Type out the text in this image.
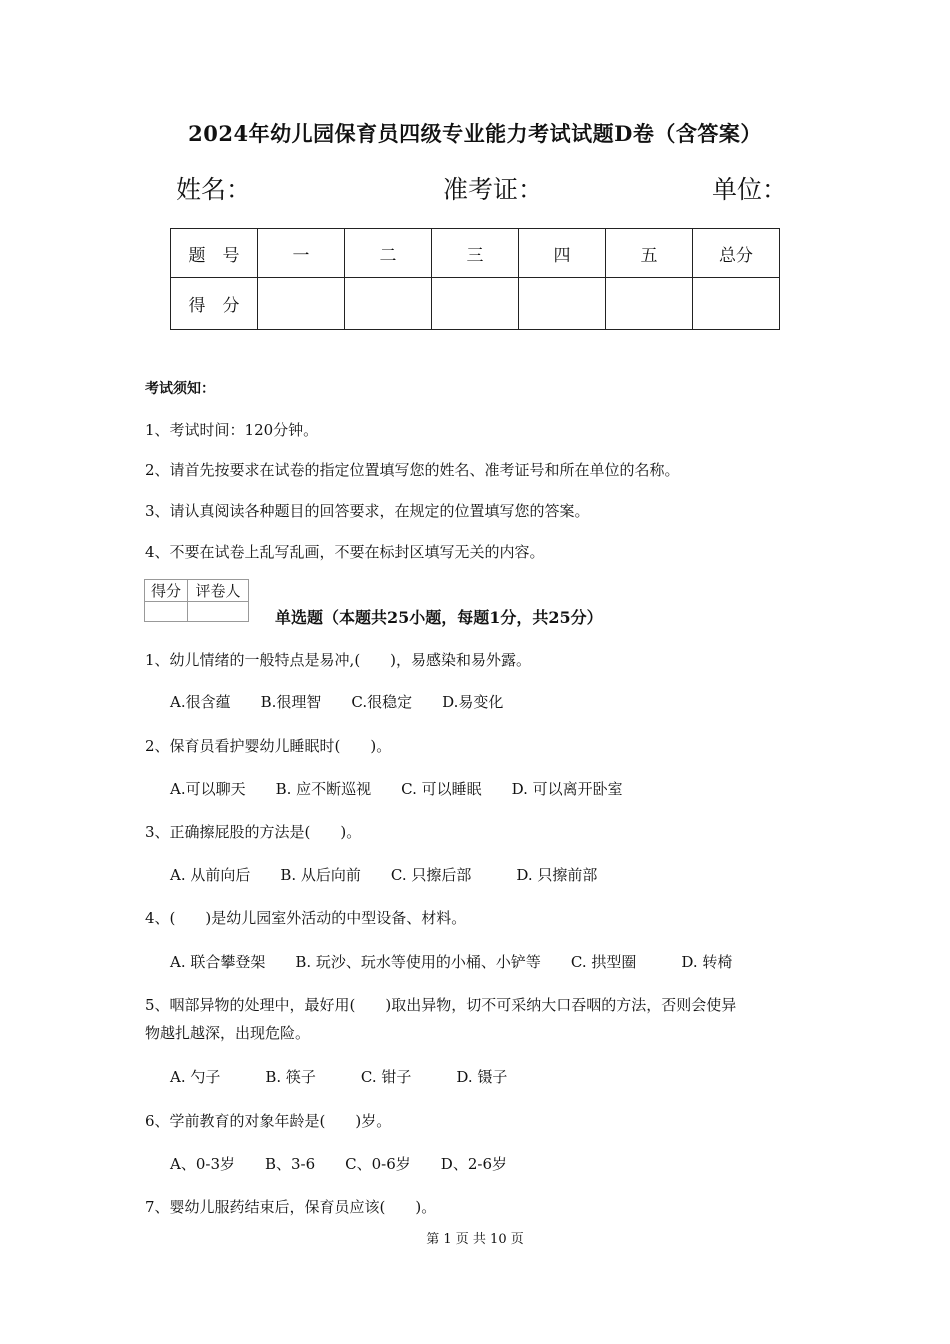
2024年幼儿园保育员四级专业能力考试试题D卷（含答案）
姓名：	准考证：	单位：
题　号	一	二	三	四	五	总分
得　分						
考试须知：
1、考试时间：120分钟。
2、请首先按要求在试卷的指定位置填写您的姓名、准考证号和所在单位的名称。
3、请认真阅读各种题目的回答要求，在规定的位置填写您的答案。
4、不要在试卷上乱写乱画，不要在标封区填写无关的内容。
得分	评卷人

单选题（本题共25小题，每题1分，共25分）
1、幼儿情绪的一般特点是易冲,(　　)，易感染和易外露。
A.很含蕴　　B.很理智　　C.很稳定　　D.易变化
2、保育员看护婴幼儿睡眠时(　　)。
A.可以聊天　　B. 应不断巡视　　C. 可以睡眠　　D. 可以离开卧室
3、正确擦屁股的方法是(　　)。
A. 从前向后　　B. 从后向前　　C. 只擦后部　　　D. 只擦前部
4、(　　)是幼儿园室外活动的中型设备、材料。
A. 联合攀登架　　B. 玩沙、玩水等使用的小桶、小铲等　　C. 拱型圈　　　D. 转椅
5、咽部异物的处理中，最好用(　　)取出异物，切不可采纳大口吞咽的方法，否则会使异
物越扎越深，出现危险。
A. 勺子　　　B. 筷子　　　C. 钳子　　　D. 镊子
6、学前教育的对象年龄是(　　)岁。
A、0-3岁　　B、3-6　　C、0-6岁　　D、2-6岁
7、婴幼儿服药结束后，保育员应该(　　)。
第 1 页 共 10 页
